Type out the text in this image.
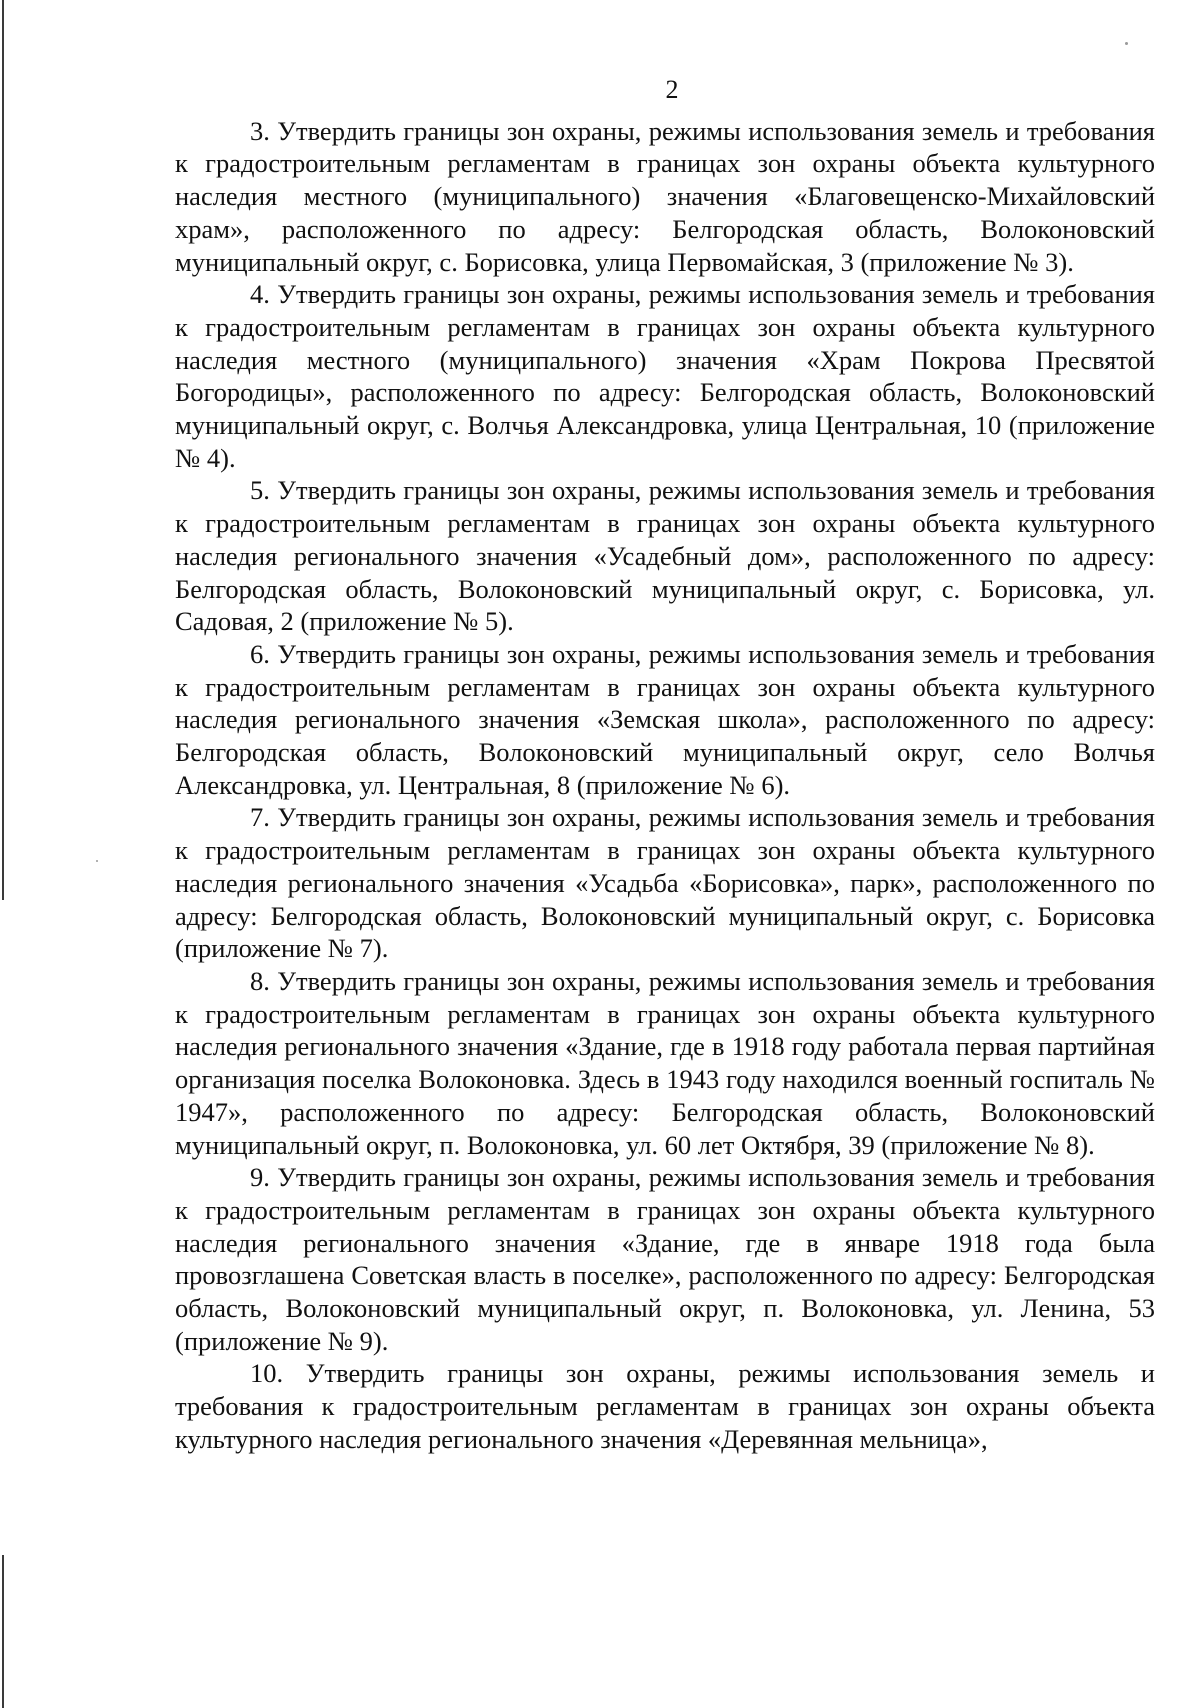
2

3. Утвердить границы зон охраны, режимы использования земель и требования к градостроительным регламентам в границах зон охраны объекта культурного наследия местного (муниципального) значения «Благовещенско-Михайловский храм», расположенного по адресу: Белгородская область, Волоконовский муниципальный округ, с. Борисовка, улица Первомайская, 3 (приложение № 3).

4. Утвердить границы зон охраны, режимы использования земель и требования к градостроительным регламентам в границах зон охраны объекта культурного наследия местного (муниципального) значения «Храм Покрова Пресвятой Богородицы», расположенного по адресу: Белгородская область, Волоконовский муниципальный округ, с. Волчья Александровка, улица Центральная, 10 (приложение № 4).

5. Утвердить границы зон охраны, режимы использования земель и требования к градостроительным регламентам в границах зон охраны объекта культурного наследия регионального значения «Усадебный дом», расположенного по адресу: Белгородская область, Волоконовский муниципальный округ, с. Борисовка, ул. Садовая, 2 (приложение № 5).

6. Утвердить границы зон охраны, режимы использования земель и требования к градостроительным регламентам в границах зон охраны объекта культурного наследия регионального значения «Земская школа», расположенного по адресу: Белгородская область, Волоконовский муниципальный округ, село Волчья Александровка, ул. Центральная, 8 (приложение № 6).

7. Утвердить границы зон охраны, режимы использования земель и требования к градостроительным регламентам в границах зон охраны объекта культурного наследия регионального значения «Усадьба «Борисовка», парк», расположенного по адресу: Белгородская область, Волоконовский муниципальный округ, с. Борисовка (приложение № 7).

8. Утвердить границы зон охраны, режимы использования земель и требования к градостроительным регламентам в границах зон охраны объекта культурного наследия регионального значения «Здание, где в 1918 году работала первая партийная организация поселка Волоконовка. Здесь в 1943 году находился военный госпиталь № 1947», расположенного по адресу: Белгородская область, Волоконовский муниципальный округ, п. Волоконовка, ул. 60 лет Октября, 39 (приложение № 8).

9. Утвердить границы зон охраны, режимы использования земель и требования к градостроительным регламентам в границах зон охраны объекта культурного наследия регионального значения «Здание, где в январе 1918 года была провозглашена Советская власть в поселке», расположенного по адресу: Белгородская область, Волоконовский муниципальный округ, п. Волоконовка, ул. Ленина, 53 (приложение № 9).

10. Утвердить границы зон охраны, режимы использования земель и требования к градостроительным регламентам в границах зон охраны объекта культурного наследия регионального значения «Деревянная мельница»,
